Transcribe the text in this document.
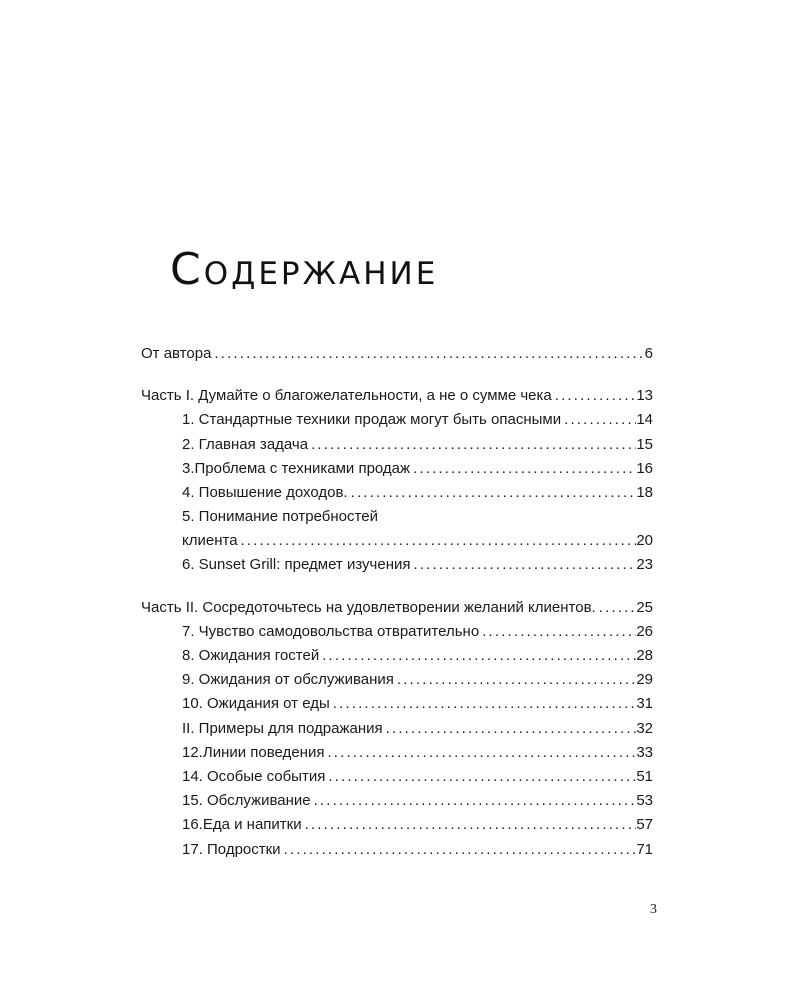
Содержание
От автора . . .	6
Часть I. Думайте о благожелательности, а не о сумме чека . . .	13
1. Стандартные техники продаж могут быть опасными . . .	14
2. Главная задача . . .	15
3.Проблема с техниками продаж . . .	16
4. Повышение доходов. . . .	18
5. Понимание потребностей
клиента . . .	20
6. Sunset Grill: предмет изучения . . .	23
Часть II. Сосредоточьтесь на удовлетворении желаний клиентов. . . .	25
7. Чувство самодовольства отвратительно . . .	26
8. Ожидания гостей . . .	28
9. Ожидания от обслуживания . . .	29
10. Ожидания от еды . . .	31
II. Примеры для подражания . . .	32
12.Линии поведения . . .	33
14. Особые события . . .	51
15. Обслуживание . . .	53
16.Еда и напитки . . .	57
17. Подростки . . .	71
3
